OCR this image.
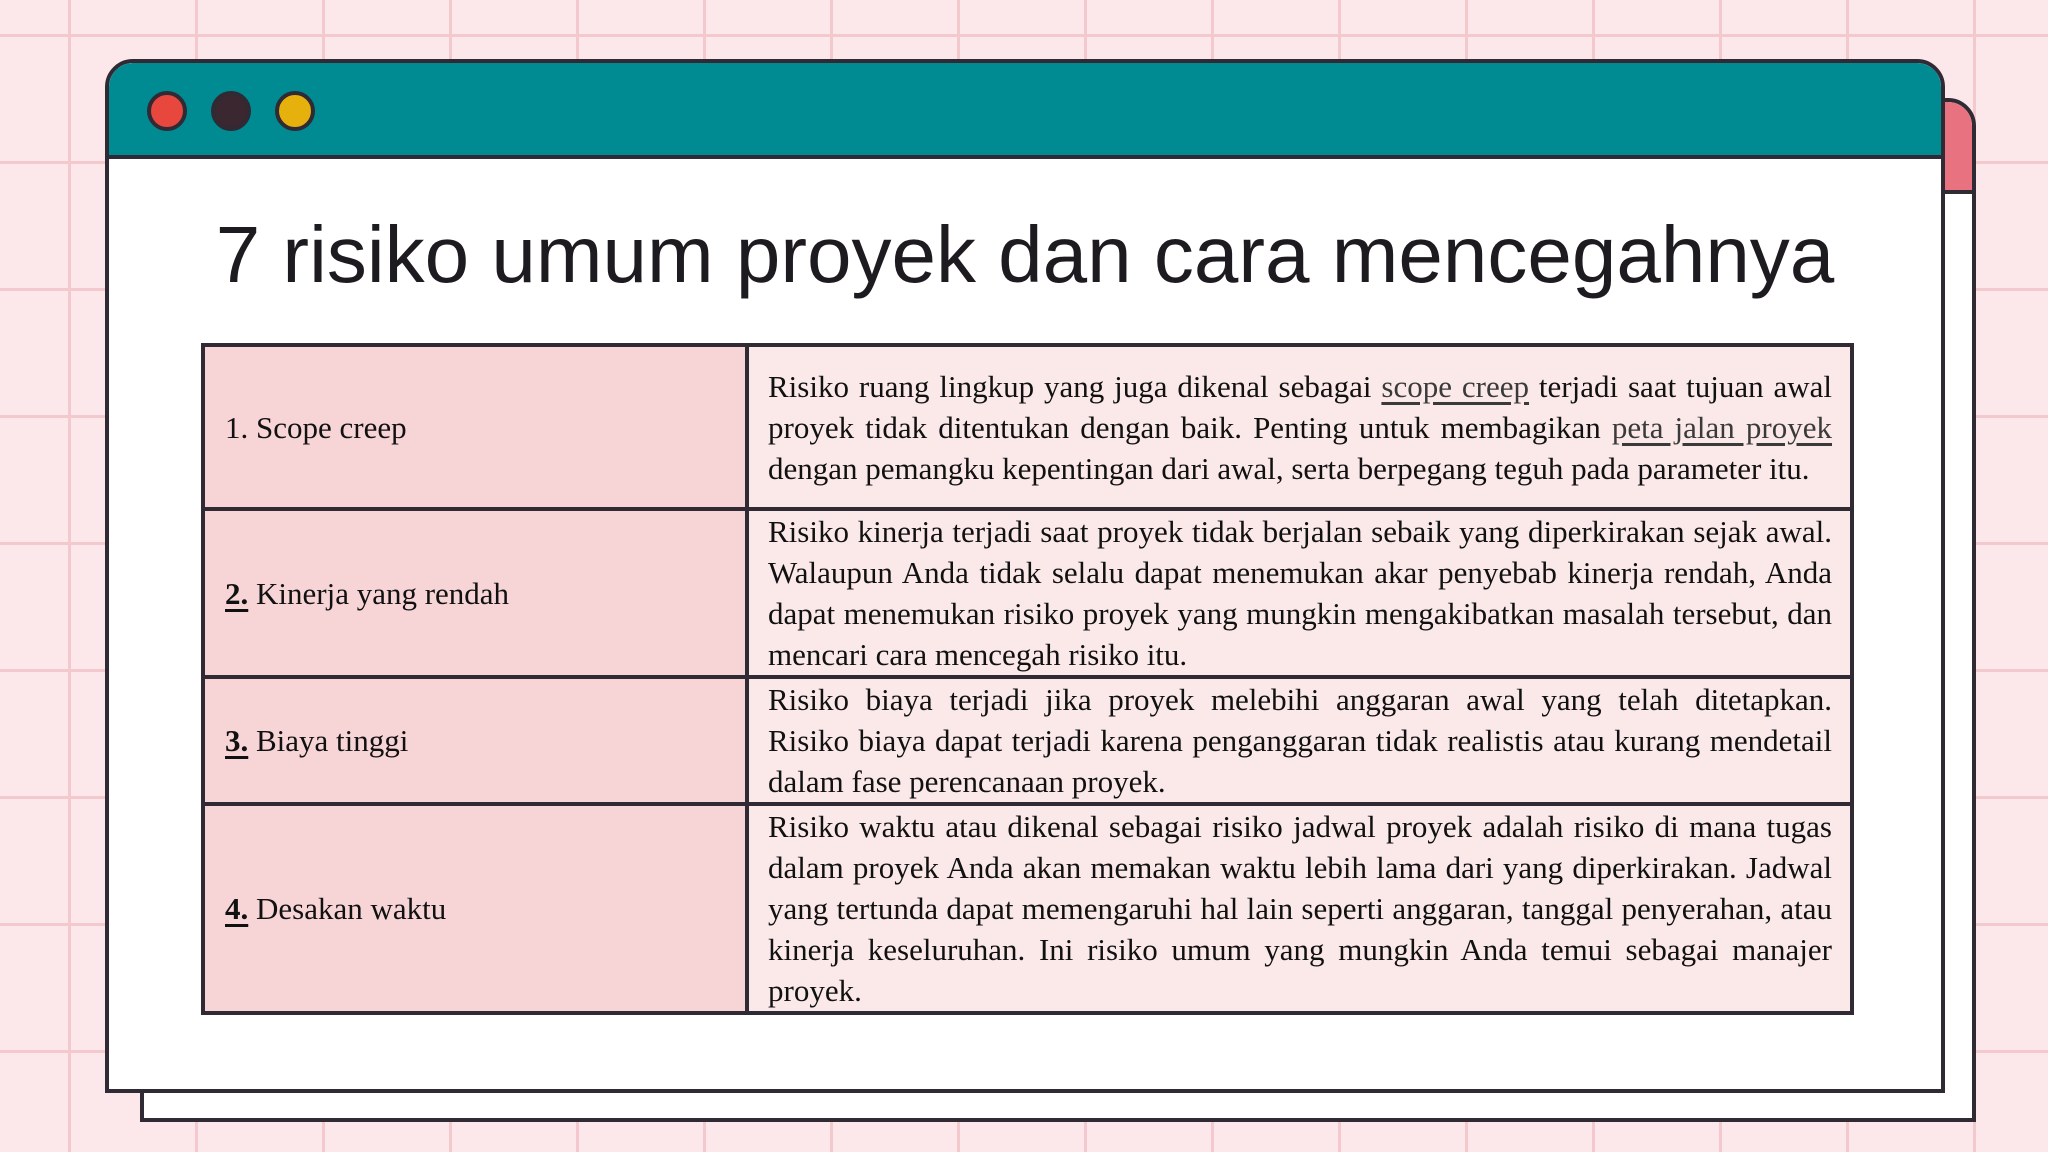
7 risiko umum proyek dan cara mencegahnya
1. Scope creep	Risiko ruang lingkup yang juga dikenal sebagai scope creep terjadi saat tujuan awal proyek tidak ditentukan dengan baik. Penting untuk membagikan peta jalan proyek dengan pemangku kepentingan dari awal, serta berpegang teguh pada parameter itu.
2. Kinerja yang rendah	Risiko kinerja terjadi saat proyek tidak berjalan sebaik yang diperkirakan sejak awal. Walaupun Anda tidak selalu dapat menemukan akar penyebab kinerja rendah, Anda dapat menemukan risiko proyek yang mungkin mengakibatkan masalah tersebut, dan mencari cara mencegah risiko itu.
3. Biaya tinggi	Risiko biaya terjadi jika proyek melebihi anggaran awal yang telah ditetapkan. Risiko biaya dapat terjadi karena penganggaran tidak realistis atau kurang mendetail dalam fase perencanaan proyek.
4. Desakan waktu	Risiko waktu atau dikenal sebagai risiko jadwal proyek adalah risiko di mana tugas dalam proyek Anda akan memakan waktu lebih lama dari yang diperkirakan. Jadwal yang tertunda dapat memengaruhi hal lain seperti anggaran, tanggal penyerahan, atau kinerja keseluruhan. Ini risiko umum yang mungkin Anda temui sebagai manajer proyek.
